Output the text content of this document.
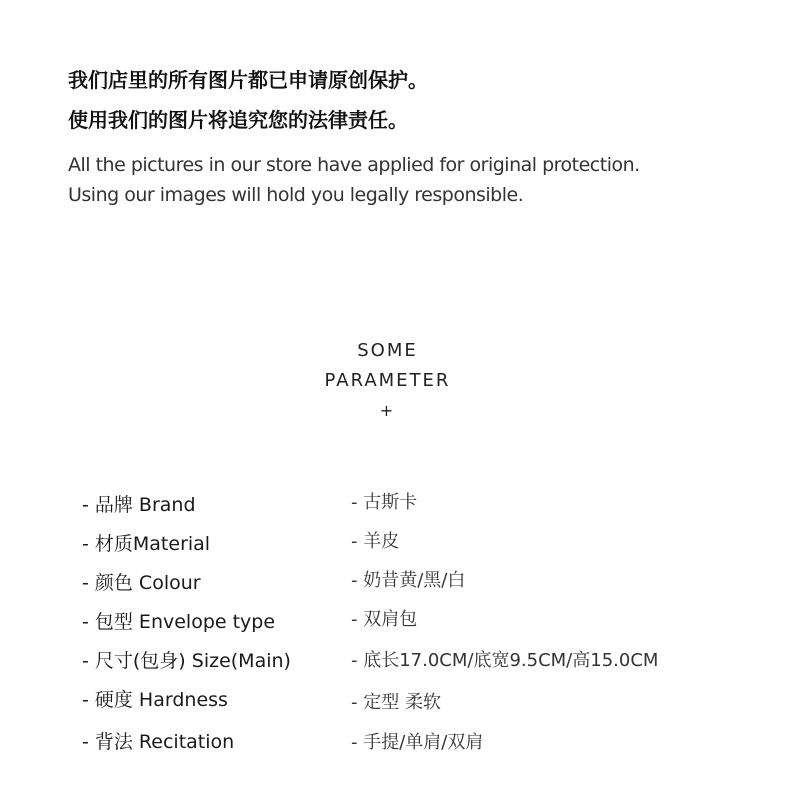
我们店里的所有图片都已申请原创保护。
使用我们的图片将追究您的法律责任。
All the pictures in our store have applied for original protection.
Using our images will hold you legally responsible.
SOME
PARAMETER
+
- 品牌 Brand	- 古斯卡
- 材质Material	- 羊皮
- 颜色 Colour	- 奶昔黄/黑/白
- 包型 Envelope type	- 双肩包
- 尺寸(包身) Size(Main)	- 底长17.0CM/底宽9.5CM/高15.0CM
- 硬度 Hardness	- 定型 柔软
- 背法 Recitation	- 手提/单肩/双肩
